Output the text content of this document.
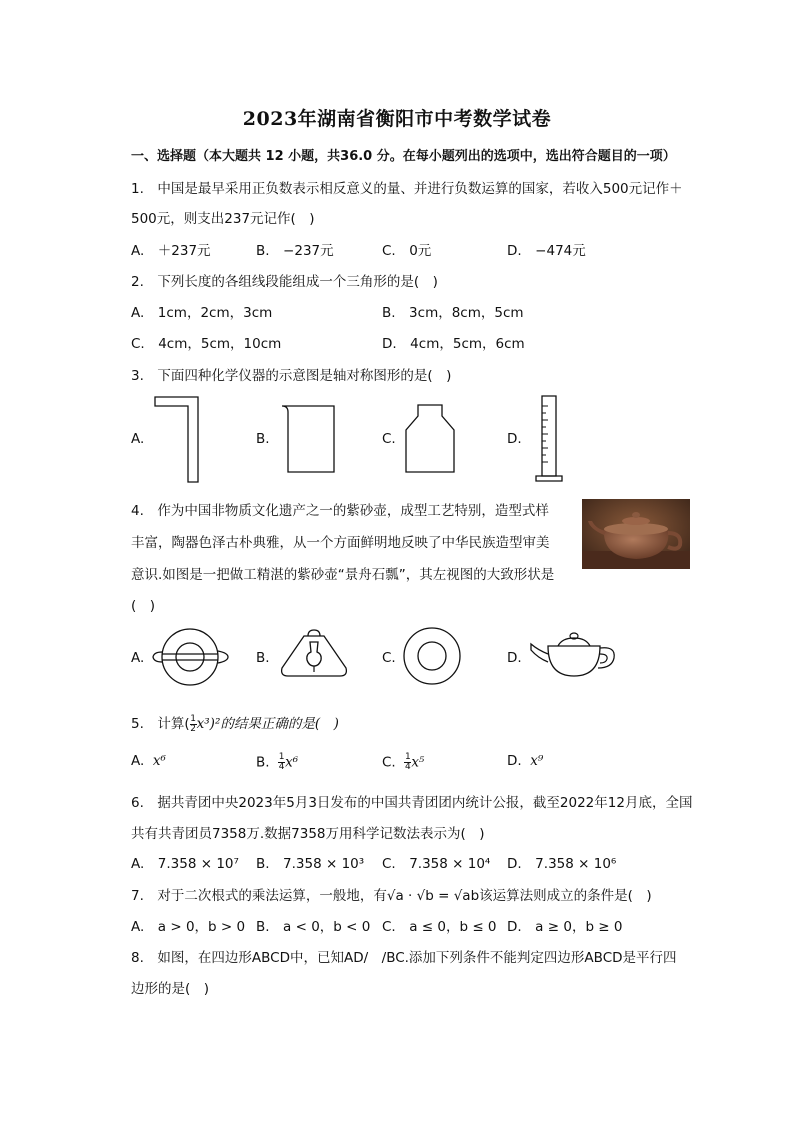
2023年湖南省衡阳市中考数学试卷
一、选择题（本大题共 12 小题，共36.0 分。在每小题列出的选项中，选出符合题目的一项）
1.　中国是最早采用正负数表示相反意义的量、并进行负数运算的国家，若收入500元记作＋
500元，则支出237元记作(　)
A.　＋237元	B.　−237元	C.　0元	D.　−474元
2.　下列长度的各组线段能组成一个三角形的是(　)
A.　1cm，2cm，3cm	B.　3cm，8cm，5cm
C.　4cm，5cm，10cm	D.　4cm，5cm，6cm
3.　下面四种化学仪器的示意图是轴对称图形的是(　)
A.	B.	C.	D.
4.　作为中国非物质文化遗产之一的紫砂壶，成型工艺特别，造型式样
丰富，陶器色泽古朴典雅，从一个方面鲜明地反映了中华民族造型审美
意识.如图是一把做工精湛的紫砂壶“景舟石瓢”，其左视图的大致形状是
(　)
A.	B.	C.	D.
5.　计算( $\frac{1}{2} x^3)^2$的结果正确的是(　)
A. x⁶	B. $\frac{1}{4} x^6$	C. $\frac{1}{4} x^5$	D. x⁹
6.　据共青团中央2023年5月3日发布的中国共青团团内统计公报，截至2022年12月底，全国
共有共青团员7358万.数据7358万用科学记数法表示为(　)
A.　7.358 × 10⁷ B.　7.358 × 10³ C.　7.358 × 10⁴ D.　7.358 × 10⁶
7.　对于二次根式的乘法运算，一般地，有√a · √b = √ab该运算法则成立的条件是(　)
A.　a > 0，b > 0 B.　a < 0，b < 0 C.　a ≤ 0，b ≤ 0 D.　a ≥ 0，b ≥ 0
8.　如图，在四边形ABCD中，已知AD/　/BC.添加下列条件不能判定四边形ABCD是平行四
边形的是(　)
